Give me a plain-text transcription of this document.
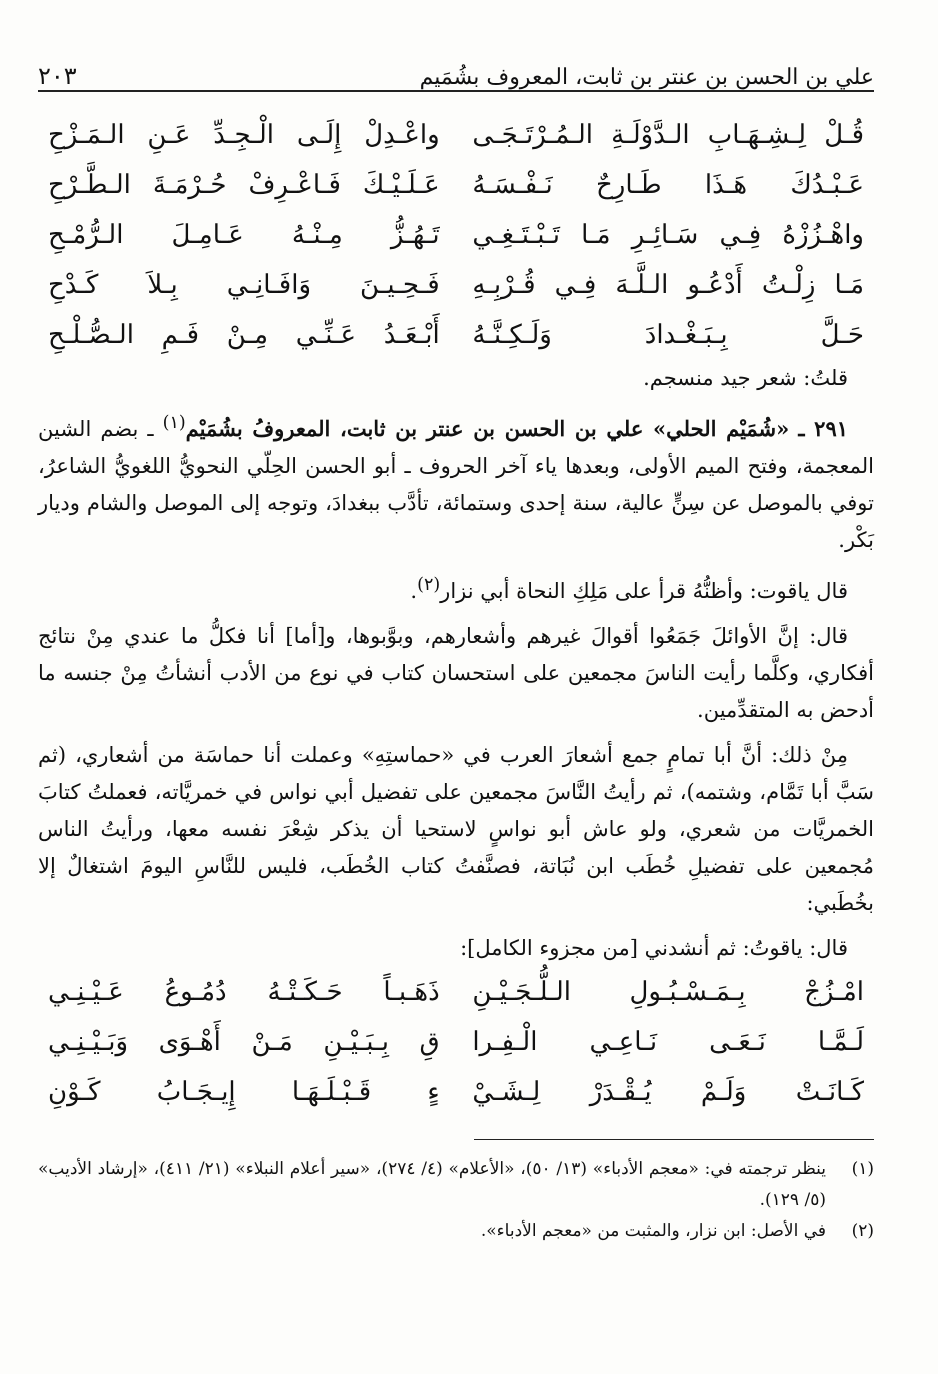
علي بن الحسن بن عنتر بن ثابت، المعروف بشُمَيم
٢٠٣
قُـلْ لِـشِـهَـابِ الـدَّوْلَـةِ الـمُـرْتَـجَـى
واعْـدِلْ إِلَـى الْـجِـدِّ عَـنِ الـمَـزْحِ
عَـبْـدُكَ هَـذَا طَـارِحٌ نَـفْـسَـهُ
عَـلَـيْـكَ فَـاعْـرِفْ حُـرْمَـةَ الـطَّـرْحِ
واهْـزُزْهُ فِـي سَـائِـرِ مَـا تَـبْـتَـغِـي
تَـهُـزُّ مِـنْـهُ عَـامِـلَ الـرُّمْـحِ
مَـا زِلْـتُ أَدْعُـو الـلَّـهَ فِـي قُـرْبِـهِ
فَـحِـيـنَ وَافَـانِـي بِـلاَ كَـدْحِ
حَـلَّ بِـبَـغْـدادَ وَلَـكِـنَّـهُ
أَبْـعَـدُ عَـنِّـي مِـنْ فَـمِ الـصُّـلْـحِ

قلتُ: شعر جيد منسجم.

٢٩١ ـ «شُمَيْم الحلي» علي بن الحسن بن عنتر بن ثابت، المعروفُ بشُمَيْم$^{(١)}$ ـ بضم الشين المعجمة، وفتح الميم الأولى، وبعدها ياء آخر الحروف ـ أبو الحسن الحِلّي النحويُّ اللغويُّ الشاعرُ، توفي بالموصل عن سِنٍّ عالية، سنة إحدى وستمائة، تأدَّب ببغدادَ، وتوجه إلى الموصل والشام وديار بَكْر.

قال ياقوت: وأظنُّهُ قرأ على مَلِكِ النحاة أبي نزار$^{(٢)}$.

قال: إنَّ الأوائلَ جَمَعُوا أقوالَ غيرهم وأشعارهم، وبوَّبوها، و[أما] أنا فكلُّ ما عندي مِنْ نتائج أفكاري، وكلَّما رأيت الناسَ مجمعين على استحسان كتاب في نوع من الأدب أنشأتُ مِنْ جنسه ما أدحض به المتقدِّمين.

مِنْ ذلك: أنَّ أبا تمامٍ جمع أشعارَ العرب في «حماستِهِ» وعملت أنا حماسَة من أشعاري، (ثم سَبَّ أبا تَمَّام، وشتمه)، ثم رأيتُ النَّاسَ مجمعين على تفضيل أبي نواس في خمريَّاته، فعملتُ كتابَ الخمريَّات من شعري، ولو عاش أبو نواسٍ لاستحيا أن يذكر شِعْرَ نفسه معها، ورأيتُ الناس مُجمعين على تفضيلِ خُطَب ابن نُبَاتة، فصنَّفتُ كتاب الخُطَب، فليس للنَّاسِ اليومَ اشتغالٌ إلا بخُطَبي:

قال: ياقوتُ: ثم أنشدني [من مجزوء الكامل]:

امْـزُجْ بِـمَـسْـبُـولِ الـلُّـجَـيْـنِ
ذَهَـبـاً حَـكَـتْـهُ دُمُـوعُ عَـيْـنِـي
لَـمَّـا نَـعَـى نَـاعِـي الْـفِـرا
قِ بِـبَـيْـنِ مَـنْ أَهْـوَى وَبَـيْـنِـي
كَـانَـتْ وَلَـمْ يُـقْـدَرْ لِـشَـيْ
ءٍ قَـبْـلَـهَـا إِيـجَـابُ كَـوْنِ
(١)
ينظر ترجمته في: «معجم الأدباء» (١٣/ ٥٠)، «الأعلام» (٤/ ٢٧٤)، «سير أعلام النبلاء» (٢١/ ٤١١)، «إرشاد الأديب» (٥/ ١٢٩).
(٢)
في الأصل: ابن نزار، والمثبت من «معجم الأدباء».
